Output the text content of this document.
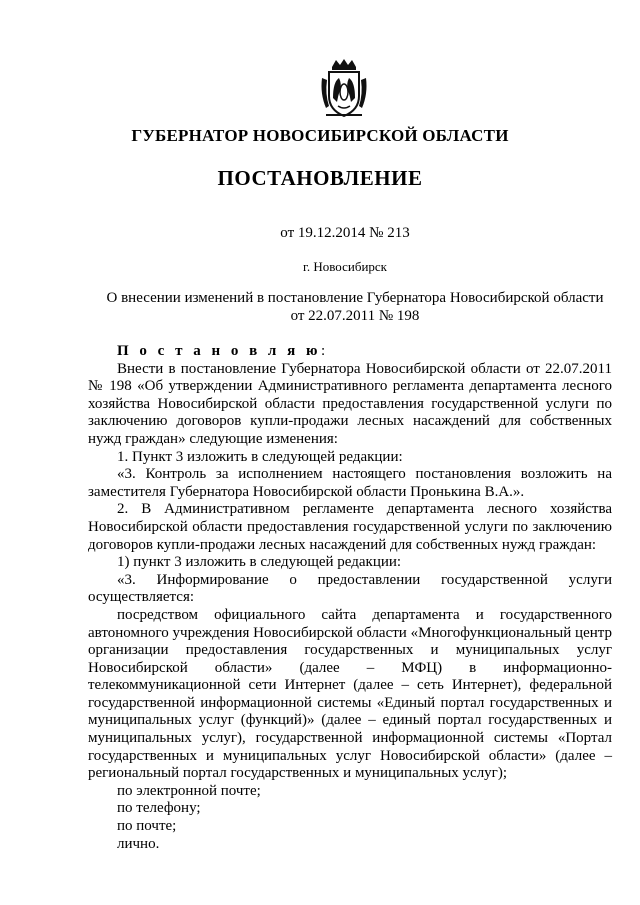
ГУБЕРНАТОР НОВОСИБИРСКОЙ ОБЛАСТИ
ПОСТАНОВЛЕНИЕ
от 19.12.2014 № 213
г. Новосибирск
О внесении изменений в постановление Губернатора Новосибирской области
от 22.07.2011 № 198

П о с т а н о в л я ю:

Внести в постановление Губернатора Новосибирской области от 22.07.2011 № 198 «Об утверждении Административного регламента департамента лесного хозяйства Новосибирской области предоставления государственной услуги по заключению договоров купли-продажи лесных насаждений для собственных нужд граждан» следующие изменения:

1. Пункт 3 изложить в следующей редакции:

«3. Контроль за исполнением настоящего постановления возложить на заместителя Губернатора Новосибирской области Пронькина В.А.».

2. В Административном регламенте департамента лесного хозяйства Новосибирской области предоставления государственной услуги по заключению договоров купли-продажи лесных насаждений для собственных нужд граждан:

1) пункт 3 изложить в следующей редакции:

«3. Информирование о предоставлении государственной услуги осуществляется:

посредством официального сайта департамента и государственного автономного учреждения Новосибирской области «Многофункциональный центр организации предоставления государственных и муниципальных услуг Новосибирской области» (далее – МФЦ) в информационно-телекоммуникационной сети Интернет (далее – сеть Интернет), федеральной государственной информационной системы «Единый портал государственных и муниципальных услуг (функций)» (далее – единый портал государственных и муниципальных услуг), государственной информационной системы «Портал государственных и муниципальных услуг Новосибирской области» (далее – региональный портал государственных и муниципальных услуг);

по электронной почте;

по телефону;

по почте;

лично.
